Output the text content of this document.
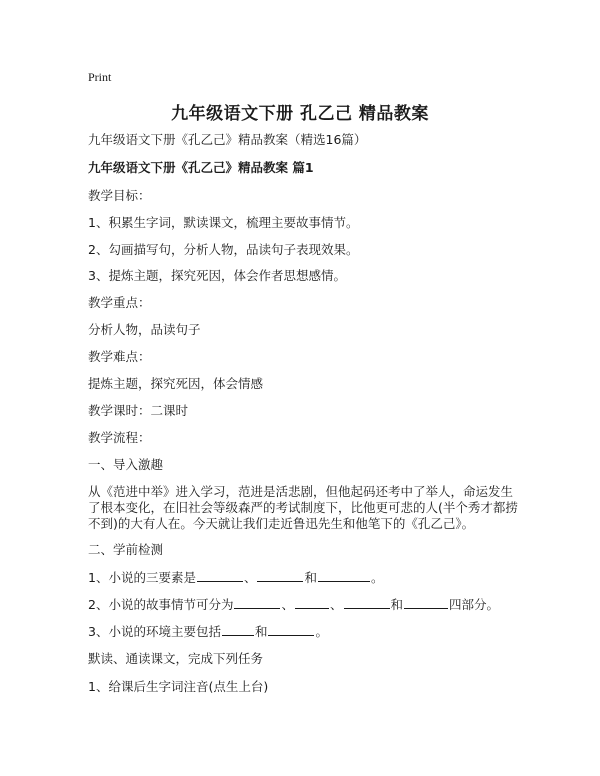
Print
九年级语文下册 孔乙己 精品教案
九年级语文下册《孔乙己》精品教案（精选16篇）
九年级语文下册《孔乙己》精品教案 篇1
教学目标：
1、积累生字词，默读课文，梳理主要故事情节。
2、勾画描写句，分析人物，品读句子表现效果。
3、提炼主题，探究死因，体会作者思想感情。
教学重点：
分析人物，品读句子
教学难点：
提炼主题，探究死因，体会情感
教学课时：二课时
教学流程：
一、导入激趣
从《范进中举》进入学习，范进是活悲剧，但他起码还考中了举人，命运发生了根本变化，在旧社会等级森严的考试制度下，比他更可悲的人(半个秀才都捞不到)的大有人在。今天就让我们走近鲁迅先生和他笔下的《孔乙己》。
二、学前检测
1、小说的三要素是	、	和	。
2、小说的故事情节可分为	、	、	和	四部分。
3、小说的环境主要包括	和	。
默读、通读课文，完成下列任务
1、给课后生字词注音(点生上台)
